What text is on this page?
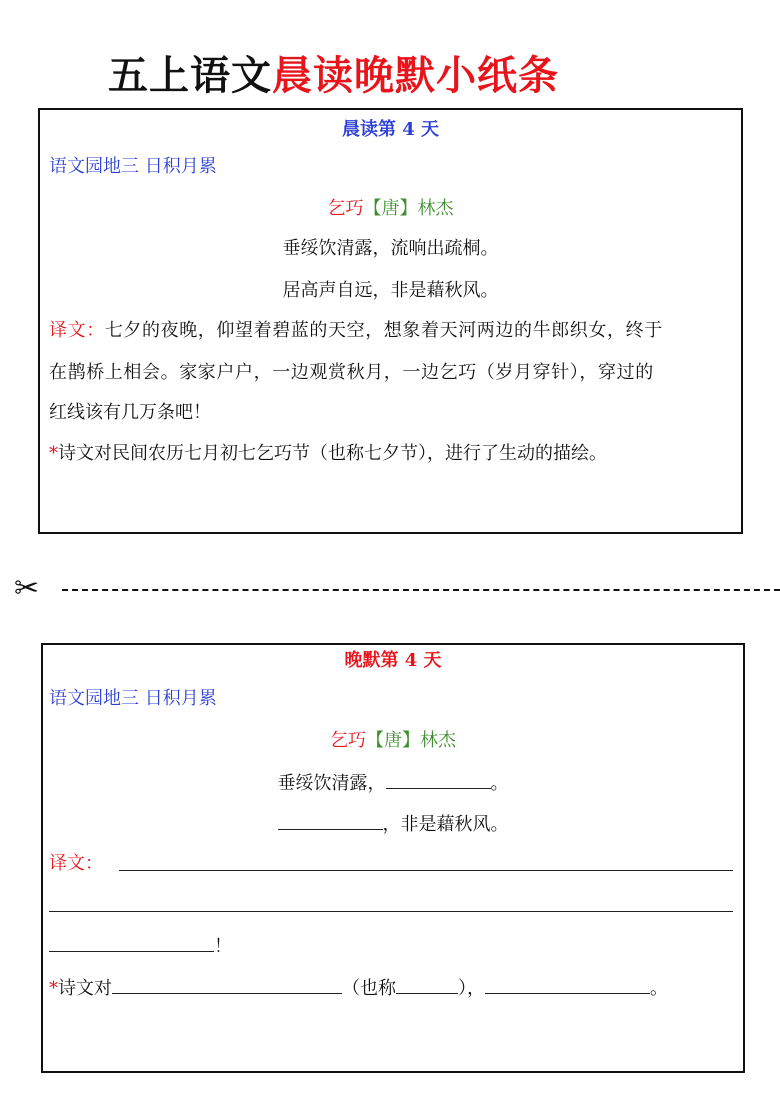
五上语文晨读晚默小纸条
晨读第 4 天
语文园地三 日积月累
乞巧【唐】林杰
垂绥饮清露，流响出疏桐。
居高声自远，非是藉秋风。
译文：七夕的夜晚，仰望着碧蓝的天空，想象着天河两边的牛郎织女，终于
在鹊桥上相会。家家户户，一边观赏秋月，一边乞巧（岁月穿针），穿过的
红线该有几万条吧！
*诗文对民间农历七月初七乞巧节（也称七夕节），进行了生动的描绘。
✂
晚默第 4 天
语文园地三 日积月累
乞巧【唐】林杰
垂绥饮清露，	。
，非是藉秋风。
译文：
！
*诗文对	（也称	），	。
